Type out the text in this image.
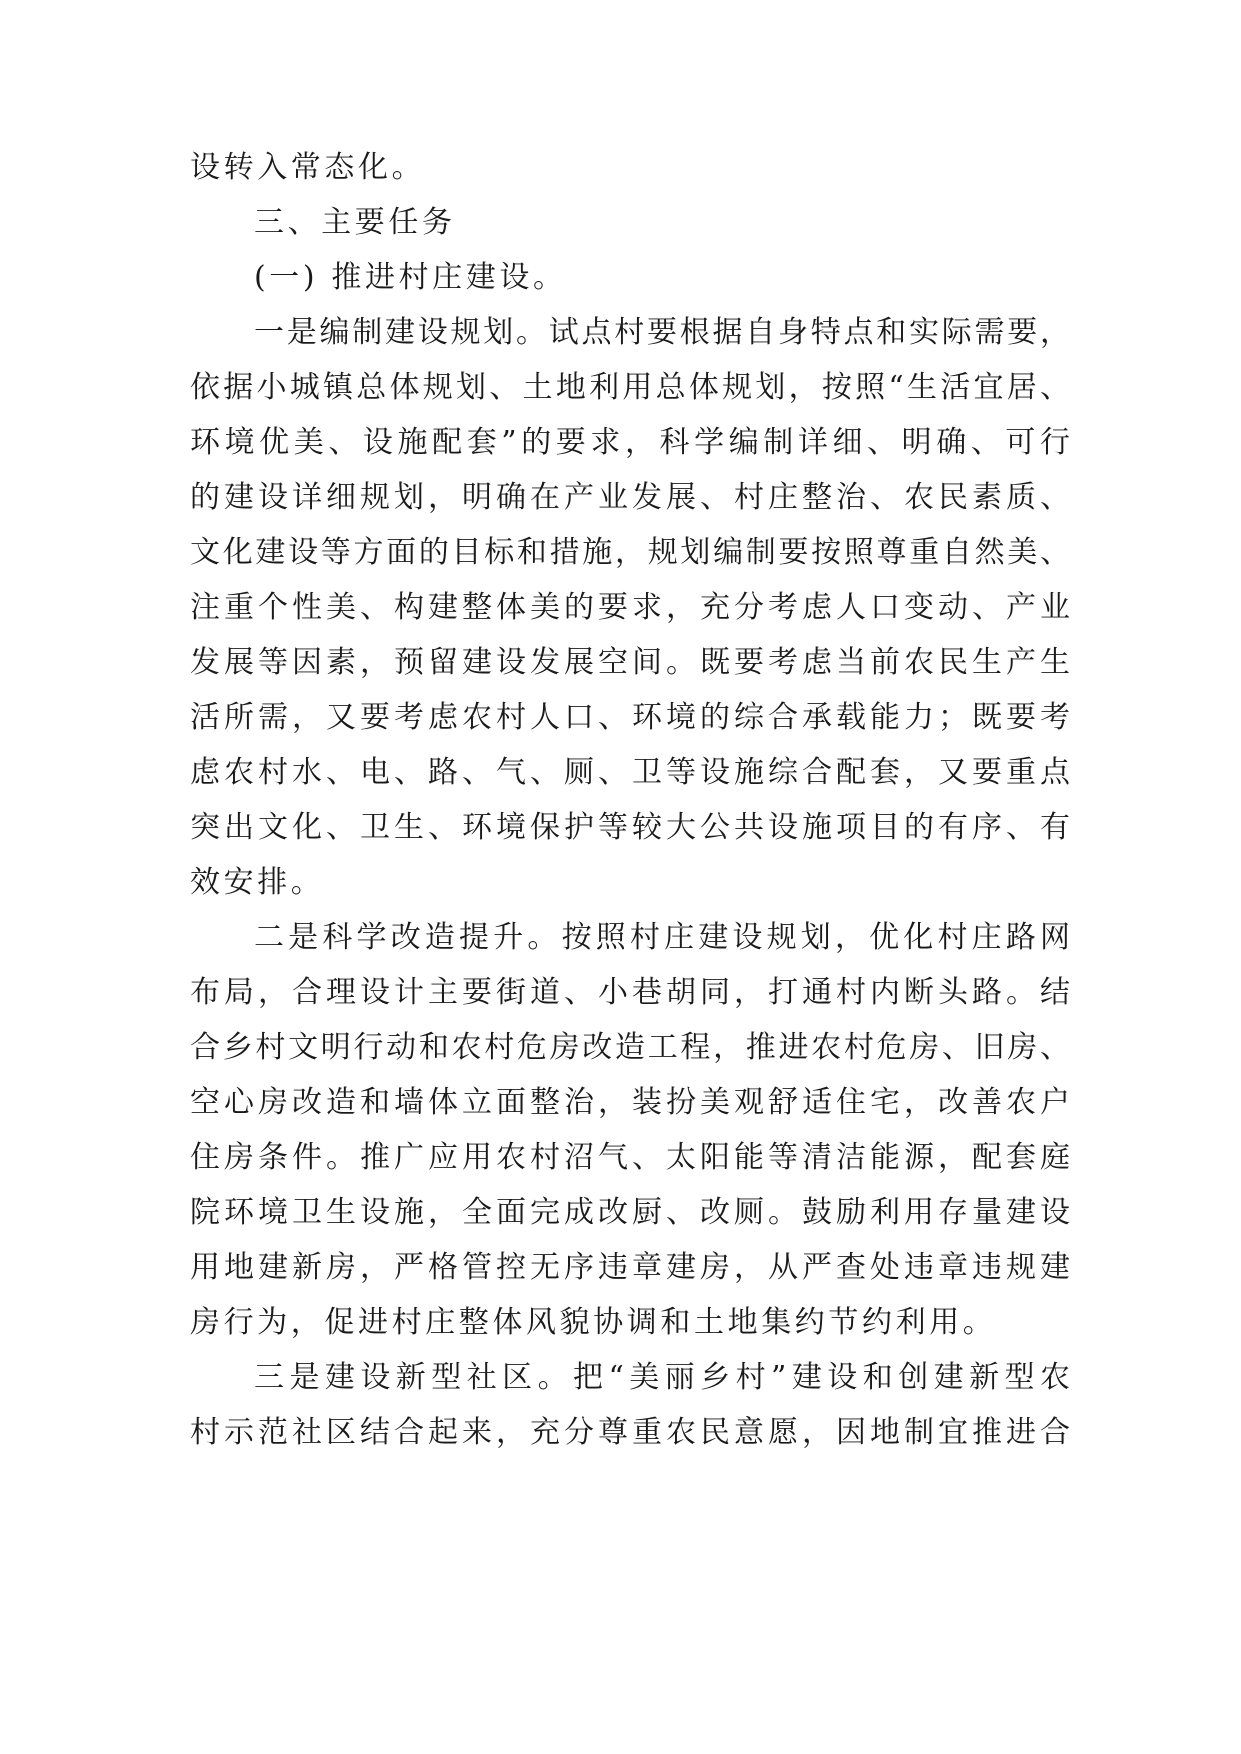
设转入常态化。
三、主要任务
(一) 推进村庄建设。
一是编制建设规划。试点村要根据自身特点和实际需要，
依据小城镇总体规划、土地利用总体规划，按照“生活宜居、
环境优美、设施配套”的要求，科学编制详细、明确、可行
的建设详细规划，明确在产业发展、村庄整治、农民素质、
文化建设等方面的目标和措施，规划编制要按照尊重自然美、
注重个性美、构建整体美的要求，充分考虑人口变动、产业
发展等因素，预留建设发展空间。既要考虑当前农民生产生
活所需，又要考虑农村人口、环境的综合承载能力；既要考
虑农村水、电、路、气、厕、卫等设施综合配套，又要重点
突出文化、卫生、环境保护等较大公共设施项目的有序、有
效安排。
二是科学改造提升。按照村庄建设规划，优化村庄路网
布局，合理设计主要街道、小巷胡同，打通村内断头路。结
合乡村文明行动和农村危房改造工程，推进农村危房、旧房、
空心房改造和墙体立面整治，装扮美观舒适住宅，改善农户
住房条件。推广应用农村沼气、太阳能等清洁能源，配套庭
院环境卫生设施，全面完成改厨、改厕。鼓励利用存量建设
用地建新房，严格管控无序违章建房，从严查处违章违规建
房行为，促进村庄整体风貌协调和土地集约节约利用。
三是建设新型社区。把“美丽乡村”建设和创建新型农
村示范社区结合起来，充分尊重农民意愿，因地制宜推进合
